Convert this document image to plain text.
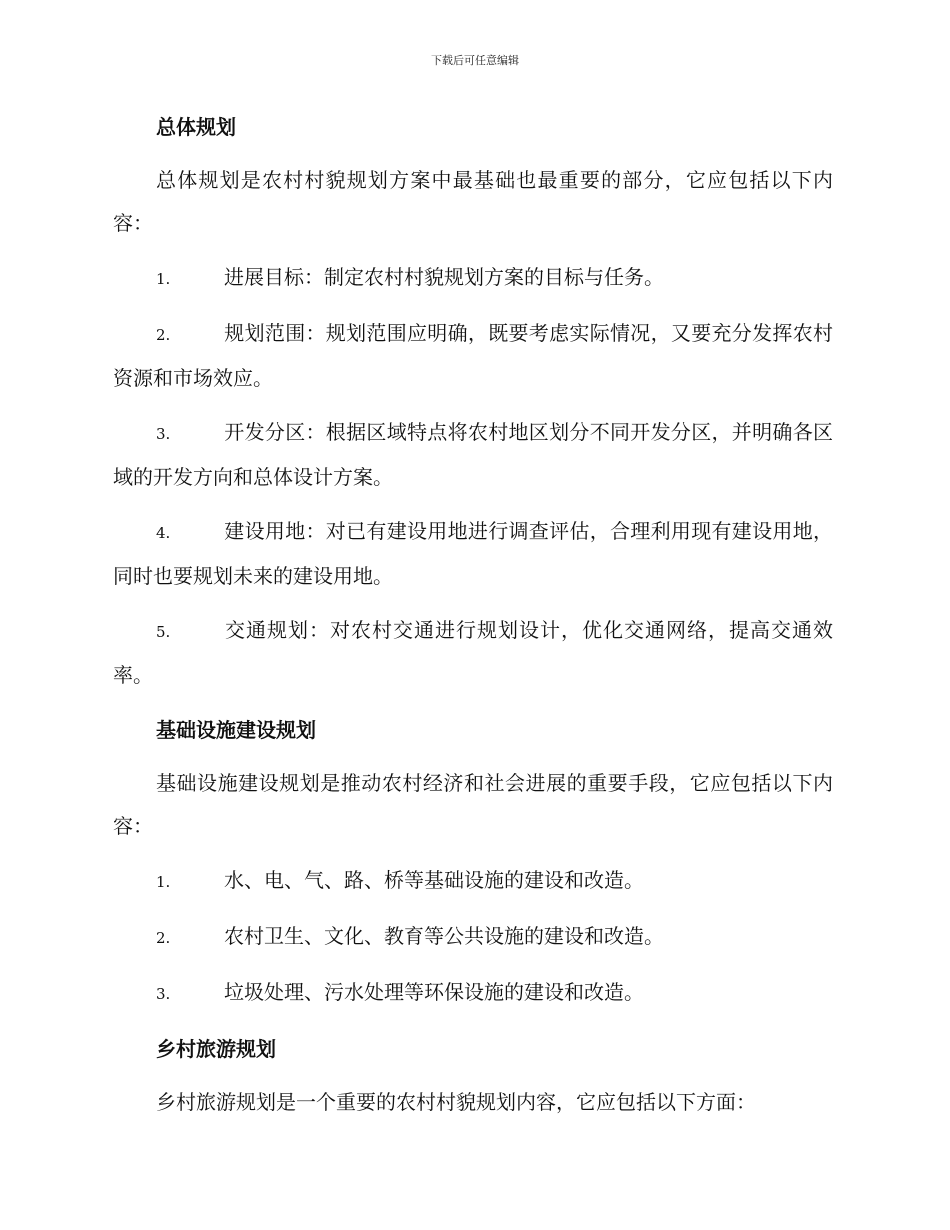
下载后可任意编辑
总体规划

总体规划是农村村貌规划方案中最基础也最重要的部分，它应包括以下内容：

1.	进展目标：制定农村村貌规划方案的目标与任务。

2.	规划范围：规划范围应明确，既要考虑实际情况，又要充分发挥农村资源和市场效应。

3.	开发分区：根据区域特点将农村地区划分不同开发分区，并明确各区域的开发方向和总体设计方案。

4.	建设用地：对已有建设用地进行调查评估，合理利用现有建设用地，同时也要规划未来的建设用地。

5.	交通规划：对农村交通进行规划设计，优化交通网络，提高交通效率。

基础设施建设规划

基础设施建设规划是推动农村经济和社会进展的重要手段，它应包括以下内容：

1.	水、电、气、路、桥等基础设施的建设和改造。

2.	农村卫生、文化、教育等公共设施的建设和改造。

3.	垃圾处理、污水处理等环保设施的建设和改造。

乡村旅游规划

乡村旅游规划是一个重要的农村村貌规划内容，它应包括以下方面：
